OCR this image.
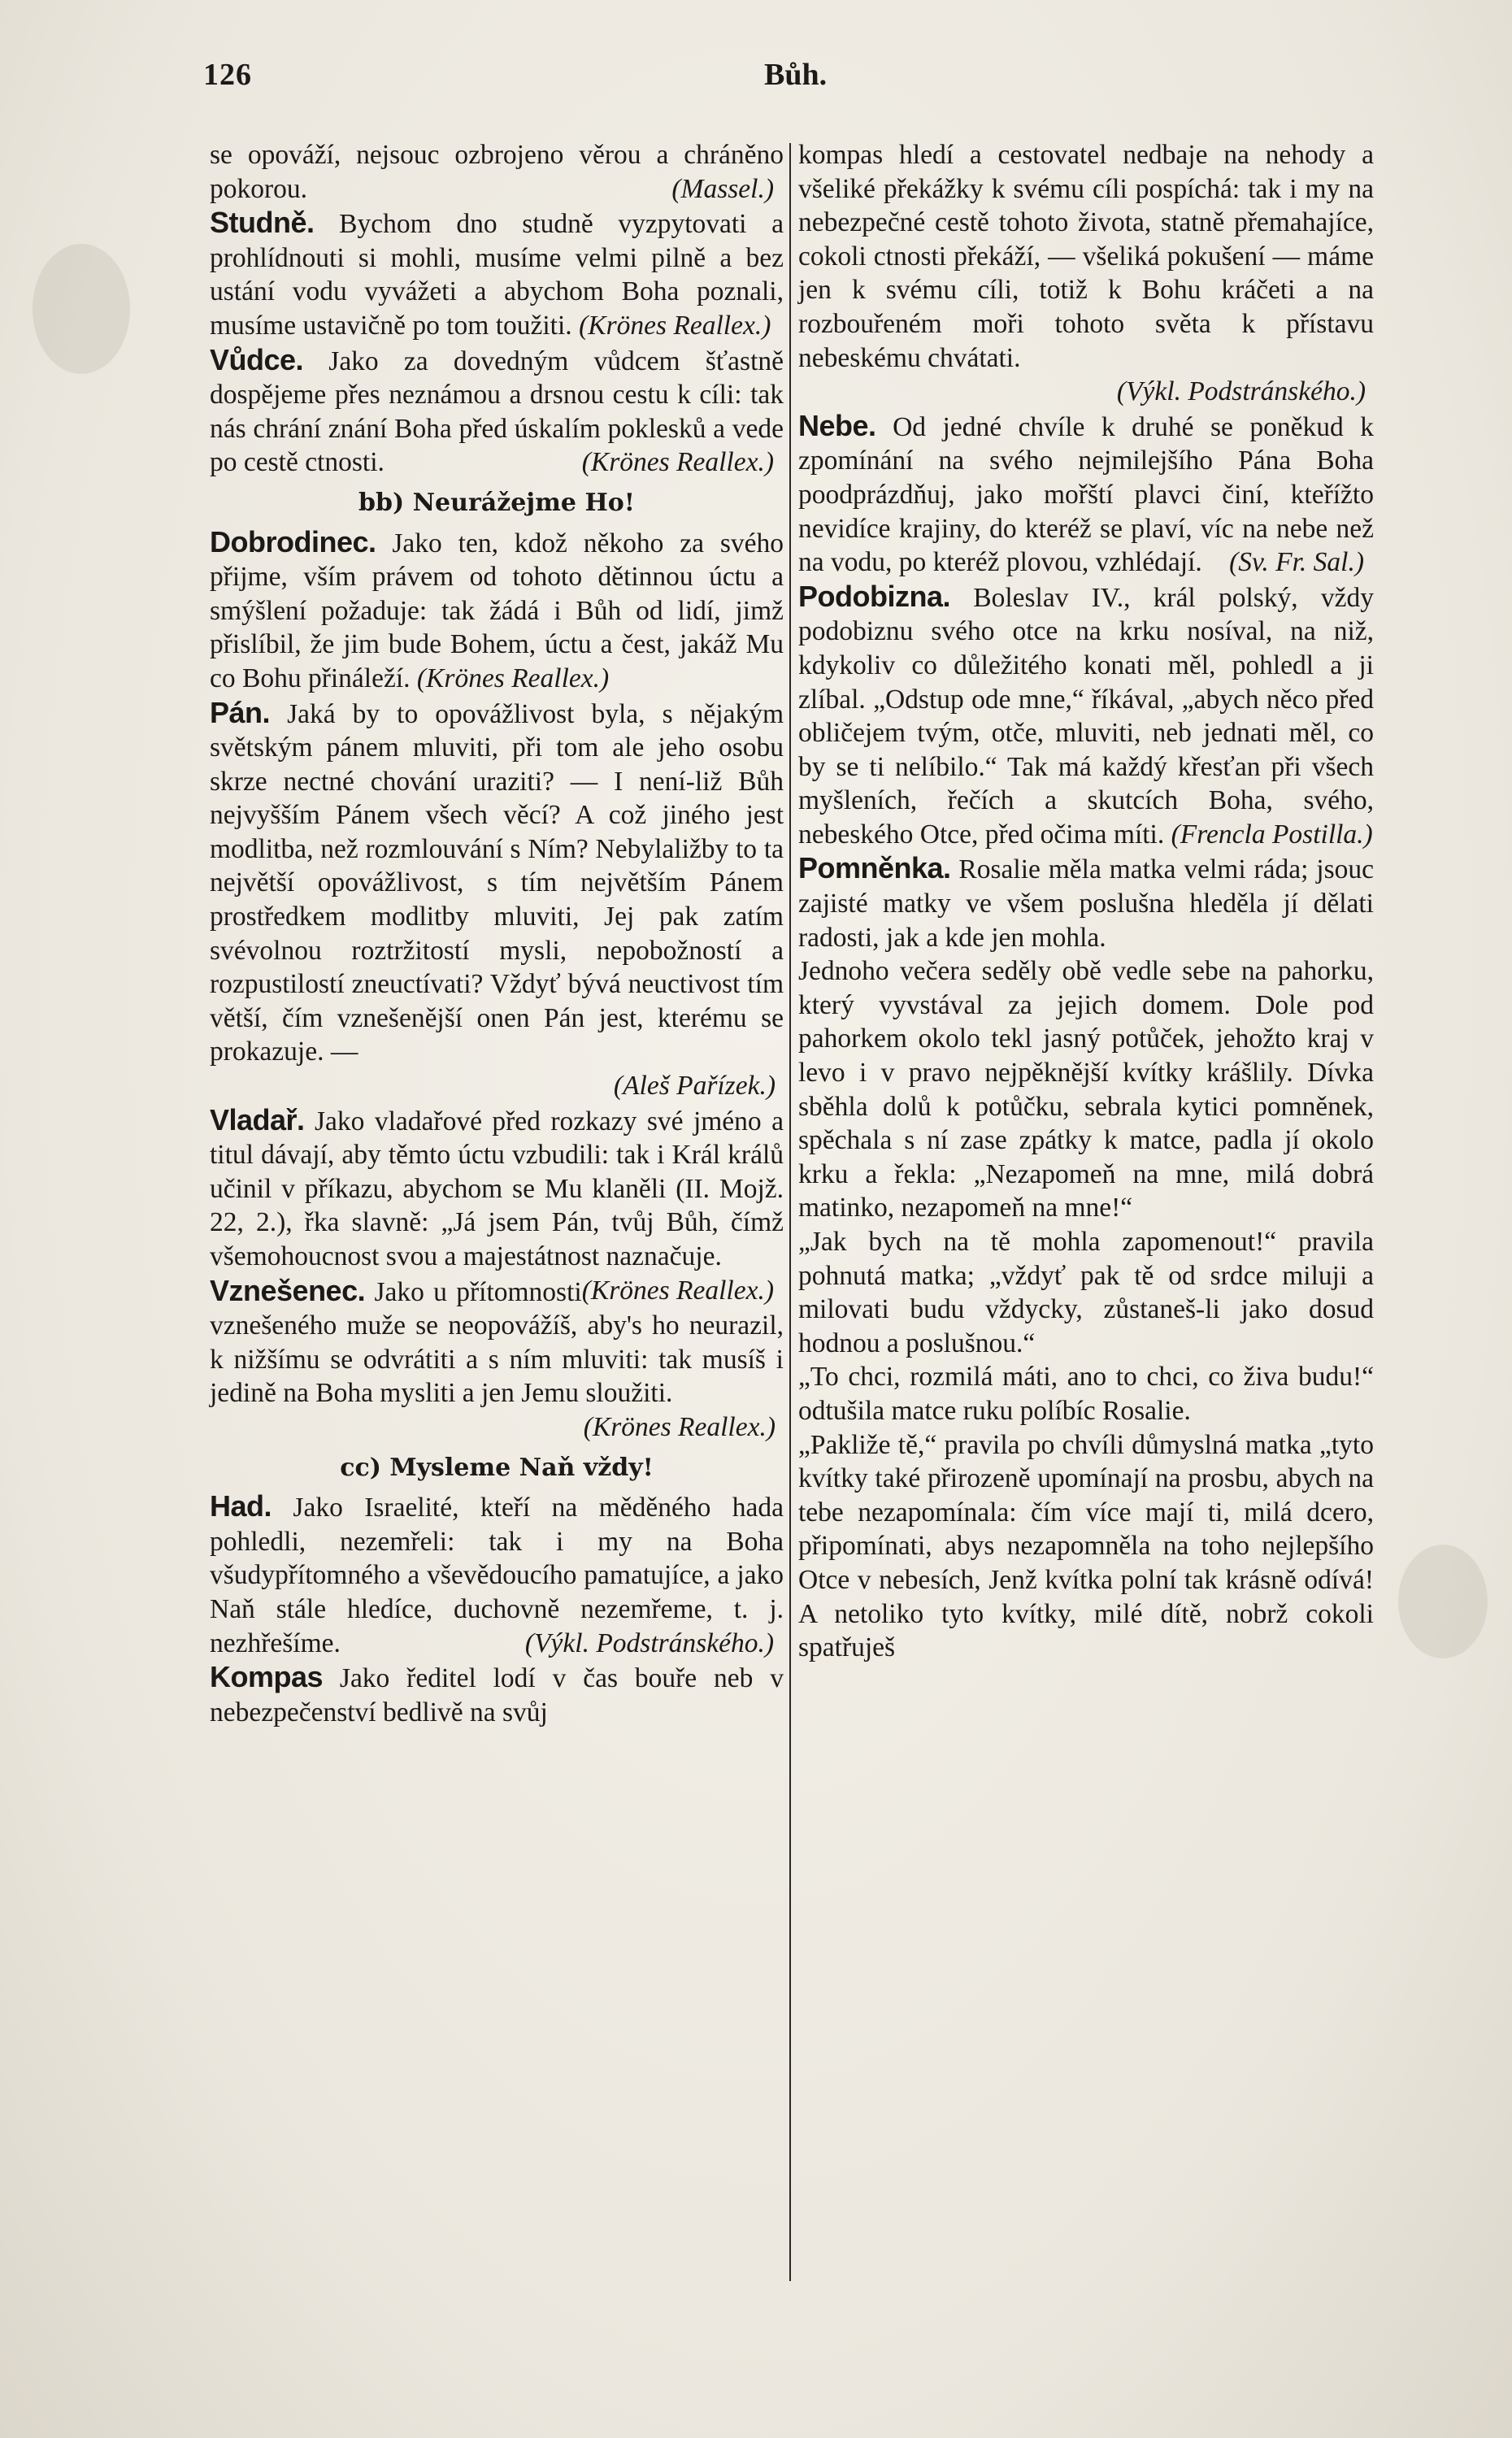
126	Bůh.

se opováží, nejsouc ozbrojeno věrou a chráněno pokorou.	(Massel.)

Studně. Bychom dno studně vyzpytovati a prohlídnouti si mohli, musíme velmi pilně a bez ustání vodu vyvážeti a abychom Boha poznali, musíme ustavičně po tom toužiti. (Krönes Reallex.)

Vůdce. Jako za dovedným vůdcem šťastně dospějeme přes neznámou a drsnou cestu k cíli: tak nás chrání znání Boha před úskalím poklesků a vede po cestě ctnosti.	(Krönes Reallex.)

bb) Neurážejme Ho!

Dobrodinec. Jako ten, kdož někoho za svého přijme, vším právem od tohoto dětinnou úctu a smýšlení požaduje: tak žádá i Bůh od lidí, jimž přislíbil, že jim bude Bohem, úctu a čest, jakáž Mu co Bohu přináleží. (Krönes Reallex.)

Pán. Jaká by to opovážlivost byla, s nějakým světským pánem mluviti, při tom ale jeho osobu skrze nectné chování uraziti? — I není-liž Bůh nejvyšším Pánem všech věcí? A což jiného jest modlitba, než rozmlouvání s Ním? Nebylaližby to ta největší opovážlivost, s tím největším Pánem prostředkem modlitby mluviti, Jej pak zatím svévolnou roztržitostí mysli, nepobožností a rozpustilostí zneuctívati? Vždyť bývá neuctivost tím větší, čím vznešenější onen Pán jest, kterému se prokazuje. —

(Aleš Pařízek.)

Vladař. Jako vladařové před rozkazy své jméno a titul dávají, aby těmto úctu vzbudili: tak i Král králů učinil v příkazu, abychom se Mu klaněli (II. Mojž. 22, 2.), řka slavně: „Já jsem Pán, tvůj Bůh, čímž všemohoucnost svou a majestátnost naznačuje.
(Krönes Reallex.)

Vznešenec. Jako u přítomnosti vznešeného muže se neopovážíš, aby's ho neurazil, k nižšímu se odvrátiti a s ním mluviti: tak musíš i jedině na Boha mysliti a jen Jemu sloužiti.

(Krönes Reallex.)

cc) Mysleme Naň vždy!

Had. Jako Israelité, kteří na měděného hada pohledli, nezemřeli: tak i my na Boha všudypřítomného a vševědoucího pamatujíce, a jako Naň stále hledíce, duchovně nezemřeme, t. j. nezhřešíme.	(Výkl. Podstránského.)

Kompas Jako ředitel lodí v čas bouře neb v nebezpečenství bedlivě na svůj

kompas hledí a cestovatel nedbaje na nehody a všeliké překážky k svému cíli pospíchá: tak i my na nebezpečné cestě tohoto života, statně přemahajíce, cokoli ctnosti překáží, — všeliká pokušení — máme jen k svému cíli, totiž k Bohu kráčeti a na rozbouřeném moři tohoto světa k přístavu nebeskému chvátati.

(Výkl. Podstránského.)

Nebe. Od jedné chvíle k druhé se poněkud k zpomínání na svého nejmilejšího Pána Boha poodprázdňuj, jako mořští plavci činí, kteřížto nevidíce krajiny, do kteréž se plaví, víc na nebe než na vodu, po kteréž plovou, vzhlédají. (Sv. Fr. Sal.)

Podobizna. Boleslav IV., král polský, vždy podobiznu svého otce na krku nosíval, na niž, kdykoliv co důležitého konati měl, pohledl a ji zlíbal. „Odstup ode mne,“ říkával, „abych něco před obličejem tvým, otče, mluviti, neb jednati měl, co by se ti nelíbilo.“ Tak má každý křesťan při všech myšleních, řečích a skutcích Boha, svého, nebeského Otce, před očima míti. (Frencla Postilla.)

Pomněnka. Rosalie měla matka velmi ráda; jsouc zajisté matky ve všem poslušna hleděla jí dělati radosti, jak a kde jen mohla.

Jednoho večera seděly obě vedle sebe na pahorku, který vyvstával za jejich domem. Dole pod pahorkem okolo tekl jasný potůček, jehožto kraj v levo i v pravo nejpěknější kvítky krášlily. Dívka sběhla dolů k potůčku, sebrala kytici pomněnek, spěchala s ní zase zpátky k matce, padla jí okolo krku a řekla: „Nezapomeň na mne, milá dobrá matinko, nezapomeň na mne!“

„Jak bych na tě mohla zapomenout!“ pravila pohnutá matka; „vždyť pak tě od srdce miluji a milovati budu vždycky, zůstaneš-li jako dosud hodnou a poslušnou.“

„To chci, rozmilá máti, ano to chci, co živa budu!“ odtušila matce ruku políbíc Rosalie.

„Pakliže tě,“ pravila po chvíli důmyslná matka „tyto kvítky také přirozeně upomínají na prosbu, abych na tebe nezapomínala: čím více mají ti, milá dcero, připomínati, abys nezapomněla na toho nejlepšího Otce v nebesích, Jenž kvítka polní tak krásně odívá! A netoliko tyto kvítky, milé dítě, nobrž cokoli spatřuješ
